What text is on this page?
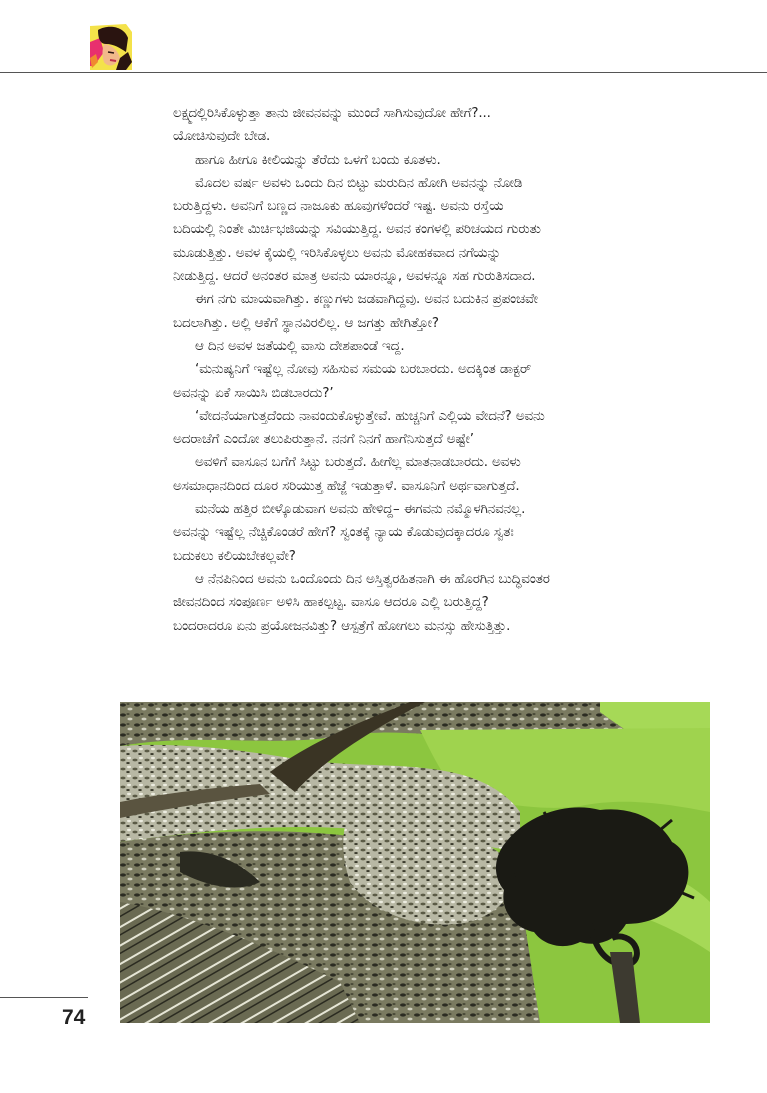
ಲಕ್ಷ್ಮದಲ್ಲಿರಿಸಿಕೊಳ್ಳುತ್ತಾ ತಾನು ಜೀವನವನ್ನು ಮುಂದೆ ಸಾಗಿಸುವುದೋ ಹೇಗೆ?...

ಯೋಚಿಸುವುದೇ ಬೇಡ.

ಹಾಗೂ ಹೀಗೂ ಕೀಲಿಯನ್ನು ತೆರೆದು ಒಳಗೆ ಬಂದು ಕೂತಳು.

ಮೊದಲ ವರ್ಷ ಅವಳು ಒಂದು ದಿನ ಬಿಟ್ಟು ಮರುದಿನ ಹೋಗಿ ಅವನನ್ನು ನೋಡಿ

ಬರುತ್ತಿದ್ದಳು. ಅವನಿಗೆ ಬಣ್ಣದ ನಾಜೂಕು ಹೂವುಗಳೆಂದರೆ ಇಷ್ಟ. ಅವನು ರಸ್ತೆಯ

ಬದಿಯಲ್ಲಿ ನಿಂತೇ ಮಿರ್ಚಿಭಜಿಯನ್ನು ಸವಿಯುತ್ತಿದ್ದ. ಅವನ ಕಂಗಳಲ್ಲಿ ಪರಿಚಯದ ಗುರುತು

ಮೂಡುತ್ತಿತ್ತು. ಅವಳ ಕೈಯಲ್ಲಿ ಇರಿಸಿಕೊಳ್ಳಲು ಅವನು ಮೋಹಕವಾದ ನಗೆಯನ್ನು

ನೀಡುತ್ತಿದ್ದ. ಆದರೆ ಅನಂತರ ಮಾತ್ರ ಅವನು ಯಾರನ್ನೂ, ಅವಳನ್ನೂ ಸಹ ಗುರುತಿಸದಾದ.

ಈಗ ನಗು ಮಾಯವಾಗಿತ್ತು. ಕಣ್ಣುಗಳು ಜಡವಾಗಿದ್ದವು. ಅವನ ಬದುಕಿನ ಪ್ರಪಂಚವೇ

ಬದಲಾಗಿತ್ತು. ಅಲ್ಲಿ ಆಕೆಗೆ ಸ್ಥಾನವಿರಲಿಲ್ಲ. ಆ ಜಗತ್ತು ಹೇಗಿತ್ತೋ?

ಆ ದಿನ ಅವಳ ಜತೆಯಲ್ಲಿ ವಾಸು ದೇಶಪಾಂಡೆ ಇದ್ದ.

‘ಮನುಷ್ಯನಿಗೆ ಇಷ್ಟೆಲ್ಲ ನೋವು ಸಹಿಸುವ ಸಮಯ ಬರಬಾರದು. ಅದಕ್ಕಿಂತ ಡಾಕ್ಟರ್

ಅವನನ್ನು ಏಕೆ ಸಾಯಿಸಿ ಬಿಡಬಾರದು?’

‘ವೇದನೆಯಾಗುತ್ತದೆಂದು ನಾವಂದುಕೊಳ್ಳುತ್ತೇವೆ. ಹುಚ್ಚನಿಗೆ ಎಲ್ಲಿಯ ವೇದನೆ? ಅವನು

ಅದರಾಚೆಗೆ ಎಂದೋ ತಲುಪಿರುತ್ತಾನೆ. ನನಗೆ ನಿನಗೆ ಹಾಗೆನಿಸುತ್ತದೆ ಅಷ್ಟೇ’

ಅವಳಿಗೆ ವಾಸೂನ ಬಗೆಗೆ ಸಿಟ್ಟು ಬರುತ್ತದೆ. ಹೀಗೆಲ್ಲ ಮಾತನಾಡಬಾರದು. ಅವಳು

ಅಸಮಾಧಾನದಿಂದ ದೂರ ಸರಿಯುತ್ತ ಹೆಜ್ಜೆ ಇಡುತ್ತಾಳೆ. ವಾಸೂನಿಗೆ ಅರ್ಥವಾಗುತ್ತದೆ.

ಮನೆಯ ಹತ್ತಿರ ಬೀಳ್ಕೊಡುವಾಗ ಅವನು ಹೇಳಿದ್ದ– ಈಗವನು ನಮ್ಮೊಳಗಿನವನಲ್ಲ.

ಅವನನ್ನು ಇಷ್ಟೆಲ್ಲ ನೆಚ್ಚಿಕೊಂಡರೆ ಹೇಗೆ? ಸ್ವಂತಕ್ಕೆ ನ್ಯಾಯ ಕೊಡುವುದಕ್ಕಾದರೂ ಸ್ವತಃ

ಬದುಕಲು ಕಲಿಯಬೇಕಲ್ಲವೇ?

ಆ ನೆನಪಿನಿಂದ ಅವನು ಒಂದೊಂದು ದಿನ ಅಸ್ತಿತ್ವರಹಿತನಾಗಿ ಈ ಹೊರಗಿನ ಬುದ್ಧಿವಂತರ

ಜೀವನದಿಂದ ಸಂಪೂರ್ಣ ಅಳಿಸಿ ಹಾಕಲ್ಪಟ್ಟ. ವಾಸೂ ಆದರೂ ಎಲ್ಲಿ ಬರುತ್ತಿದ್ದ?

ಬಂದರಾದರೂ ಏನು ಪ್ರಯೋಜನವಿತ್ತು? ಆಸ್ಪತ್ರೆಗೆ ಹೋಗಲು ಮನಸ್ಸು ಹೇಸುತ್ತಿತ್ತು.

74
